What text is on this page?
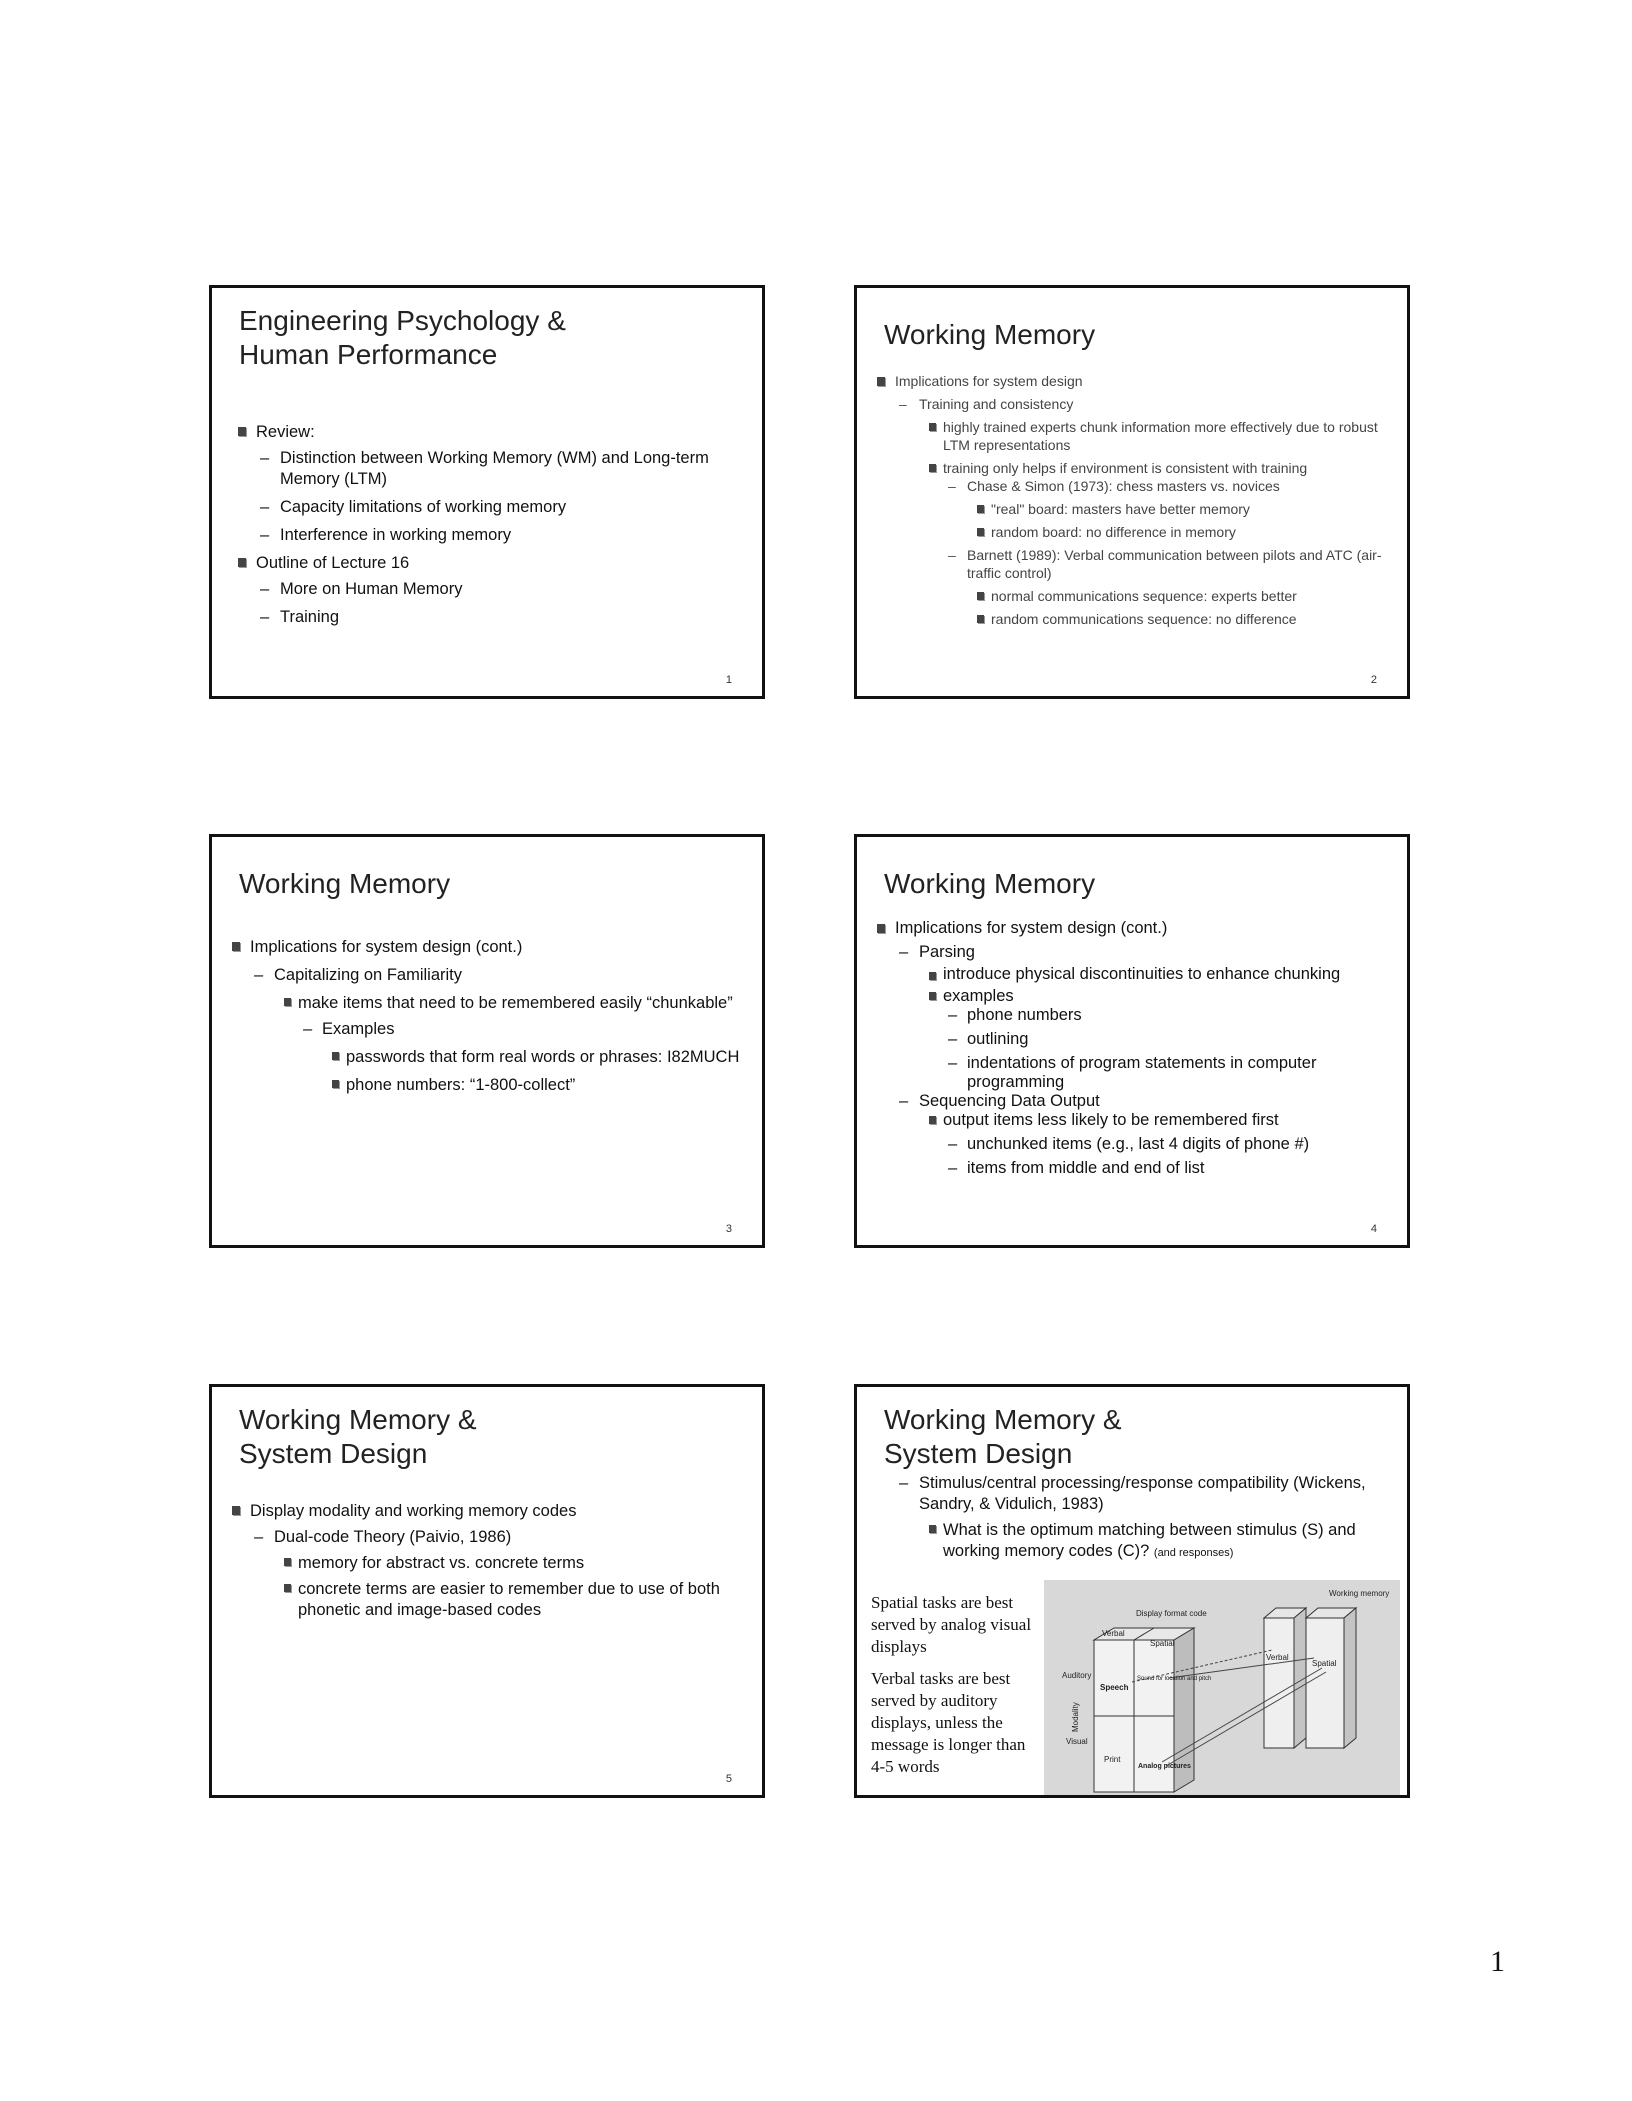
Engineering Psychology &
Human Performance

Review:

– Distinction between Working Memory (WM) and Long-term Memory (LTM)

– Capacity limitations of working memory

– Interference in working memory

Outline of Lecture 16

– More on Human Memory

– Training

1
Working Memory

Implications for system design

– Training and consistency

highly trained experts chunk information more effectively due to robust LTM representations

training only helps if environment is consistent with training

– Chase & Simon (1973): chess masters vs. novices

"real" board: masters have better memory

random board: no difference in memory

– Barnett (1989): Verbal communication between pilots and ATC (air-traffic control)

normal communications sequence: experts better

random communications sequence: no difference

2
Working Memory

Implications for system design (cont.)

– Capitalizing on Familiarity

make items that need to be remembered easily “chunkable”

– Examples

passwords that form real words or phrases: I82MUCH

phone numbers: “1-800-collect”

3
Working Memory

Implications for system design (cont.)

– Parsing

introduce physical discontinuities to enhance chunking

examples

– phone numbers

– outlining

– indentations of program statements in computer programming

– Sequencing Data Output

output items less likely to be remembered first

– unchunked items (e.g., last 4 digits of phone #)

– items from middle and end of list

4
Working Memory &
System Design

Display modality and working memory codes

– Dual-code Theory (Paivio, 1986)

memory for abstract vs. concrete terms

concrete terms are easier to remember due to use of both phonetic and image-based codes

5
Working Memory &
System Design

– Stimulus/central processing/response compatibility (Wickens, Sandry, & Vidulich, 1983)

What is the optimum matching between stimulus (S) and working memory codes (C)? (and responses)

Spatial tasks are best served by analog visual displays

Verbal tasks are best served by auditory displays, unless the message is longer than 4-5 words

Working memory
Display format code
Verbal
Spatial
Auditory
Visual
Modality
Speech
Sound for location and pitch
Print
Analog pictures
Verbal
Spatial
1
